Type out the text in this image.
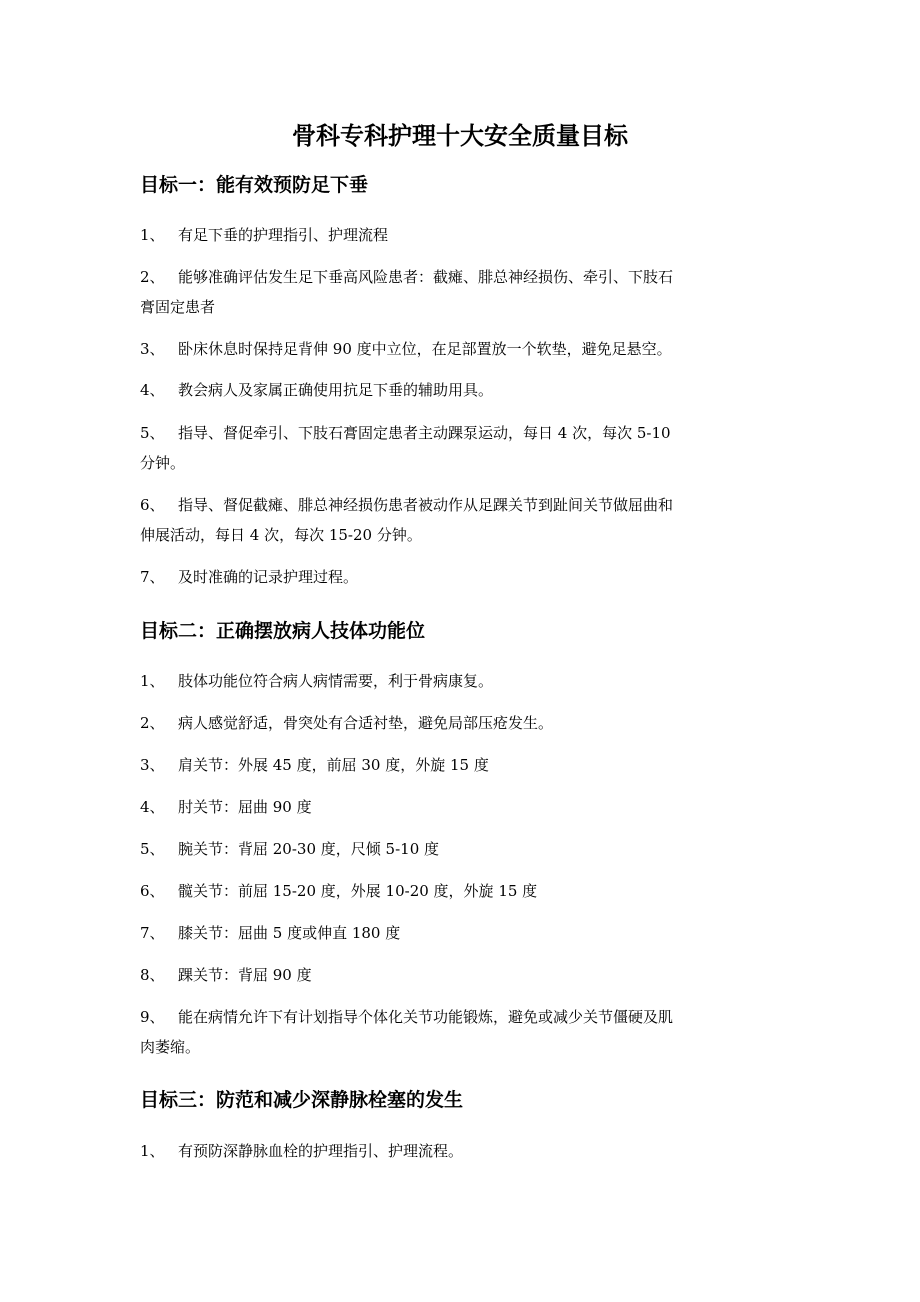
骨科专科护理十大安全质量目标
目标一：能有效预防足下垂

1、 有足下垂的护理指引、护理流程

2、 能够准确评估发生足下垂高风险患者：截瘫、腓总神经损伤、牵引、下肢石
膏固定患者

3、 卧床休息时保持足背伸 90 度中立位，在足部置放一个软垫，避免足悬空。

4、 教会病人及家属正确使用抗足下垂的辅助用具。

5、 指导、督促牵引、下肢石膏固定患者主动踝泵运动，每日 4 次，每次 5-10
分钟。

6、 指导、督促截瘫、腓总神经损伤患者被动作从足踝关节到趾间关节做屈曲和
伸展活动，每日 4 次，每次 15-20 分钟。

7、 及时准确的记录护理过程。

目标二：正确摆放病人技体功能位

1、 肢体功能位符合病人病情需要，利于骨病康复。

2、 病人感觉舒适，骨突处有合适衬垫，避免局部压疮发生。

3、 肩关节：外展 45 度，前屈 30 度，外旋 15 度

4、 肘关节：屈曲 90 度

5、 腕关节：背屈 20-30 度，尺倾 5-10 度

6、 髋关节：前屈 15-20 度，外展 10-20 度，外旋 15 度

7、 膝关节：屈曲 5 度或伸直 180 度

8、 踝关节：背屈 90 度

9、 能在病情允许下有计划指导个体化关节功能锻炼，避免或减少关节僵硬及肌
肉萎缩。

目标三：防范和减少深静脉栓塞的发生

1、 有预防深静脉血栓的护理指引、护理流程。
